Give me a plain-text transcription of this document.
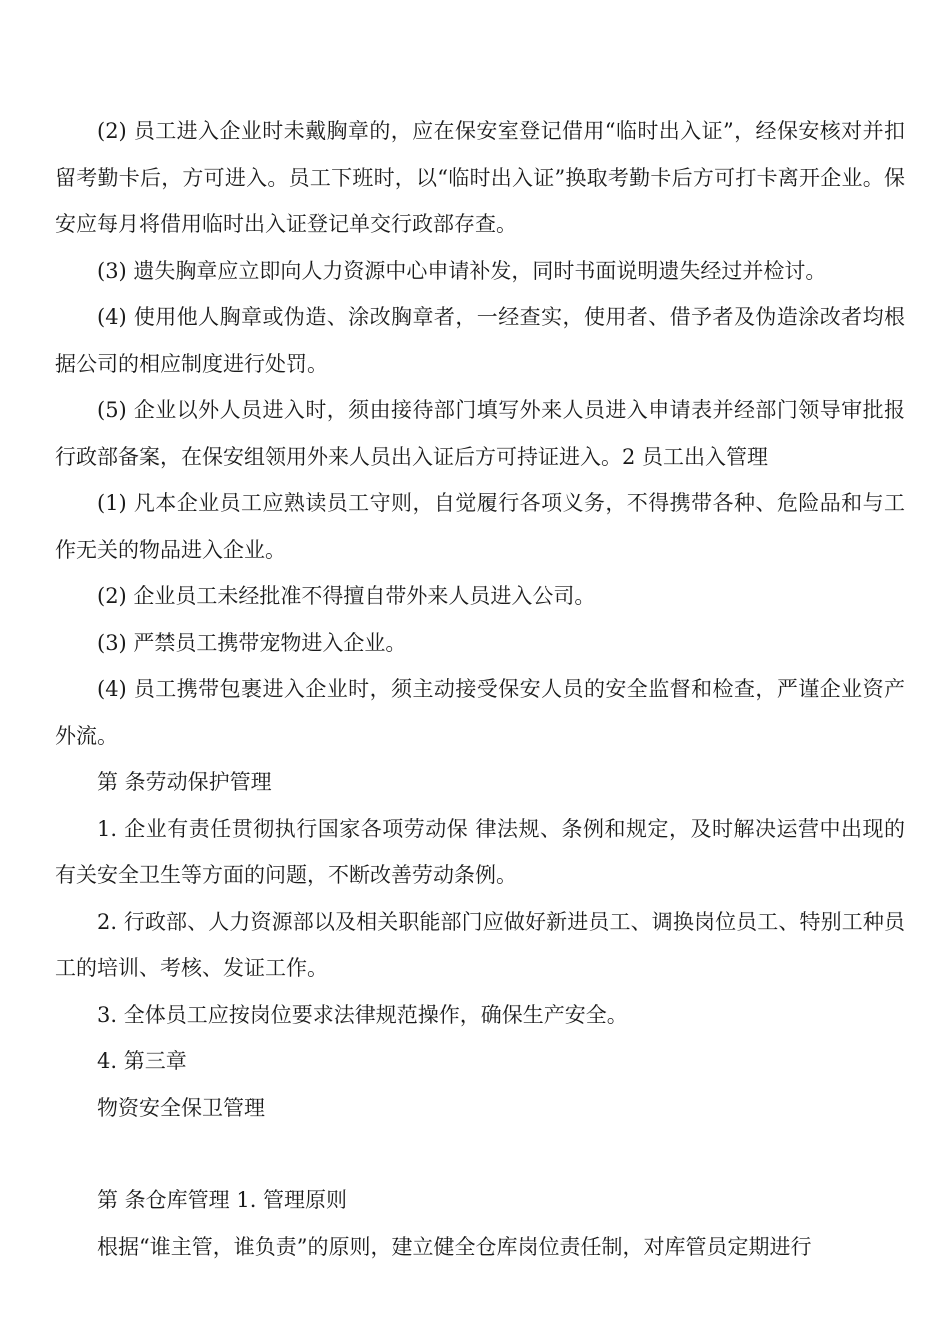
(2) 员工进入企业时未戴胸章的，应在保安室登记借用“临时出入证”，经保安核对并扣留考勤卡后，方可进入。员工下班时，以“临时出入证”换取考勤卡后方可打卡离开企业。保安应每月将借用临时出入证登记单交行政部存查。

(3) 遗失胸章应立即向人力资源中心申请补发，同时书面说明遗失经过并检讨。

(4) 使用他人胸章或伪造、涂改胸章者，一经查实，使用者、借予者及伪造涂改者均根据公司的相应制度进行处罚。

(5) 企业以外人员进入时，须由接待部门填写外来人员进入申请表并经部门领导审批报行政部备案，在保安组领用外来人员出入证后方可持证进入。2 员工出入管理

(1) 凡本企业员工应熟读员工守则，自觉履行各项义务，不得携带各种、危险品和与工作无关的物品进入企业。

(2) 企业员工未经批准不得擅自带外来人员进入公司。

(3) 严禁员工携带宠物进入企业。

(4) 员工携带包裹进入企业时，须主动接受保安人员的安全监督和检查，严谨企业资产外流。

第 条劳动保护管理

1. 企业有责任贯彻执行国家各项劳动保 律法规、条例和规定，及时解决运营中出现的有关安全卫生等方面的问题，不断改善劳动条例。

2. 行政部、人力资源部以及相关职能部门应做好新进员工、调换岗位员工、特别工种员工的培训、考核、发证工作。

3. 全体员工应按岗位要求法律规范操作，确保生产安全。

4. 第三章

物资安全保卫管理

第 条仓库管理 1. 管理原则

根据“谁主管，谁负责”的原则，建立健全仓库岗位责任制，对库管员定期进行
